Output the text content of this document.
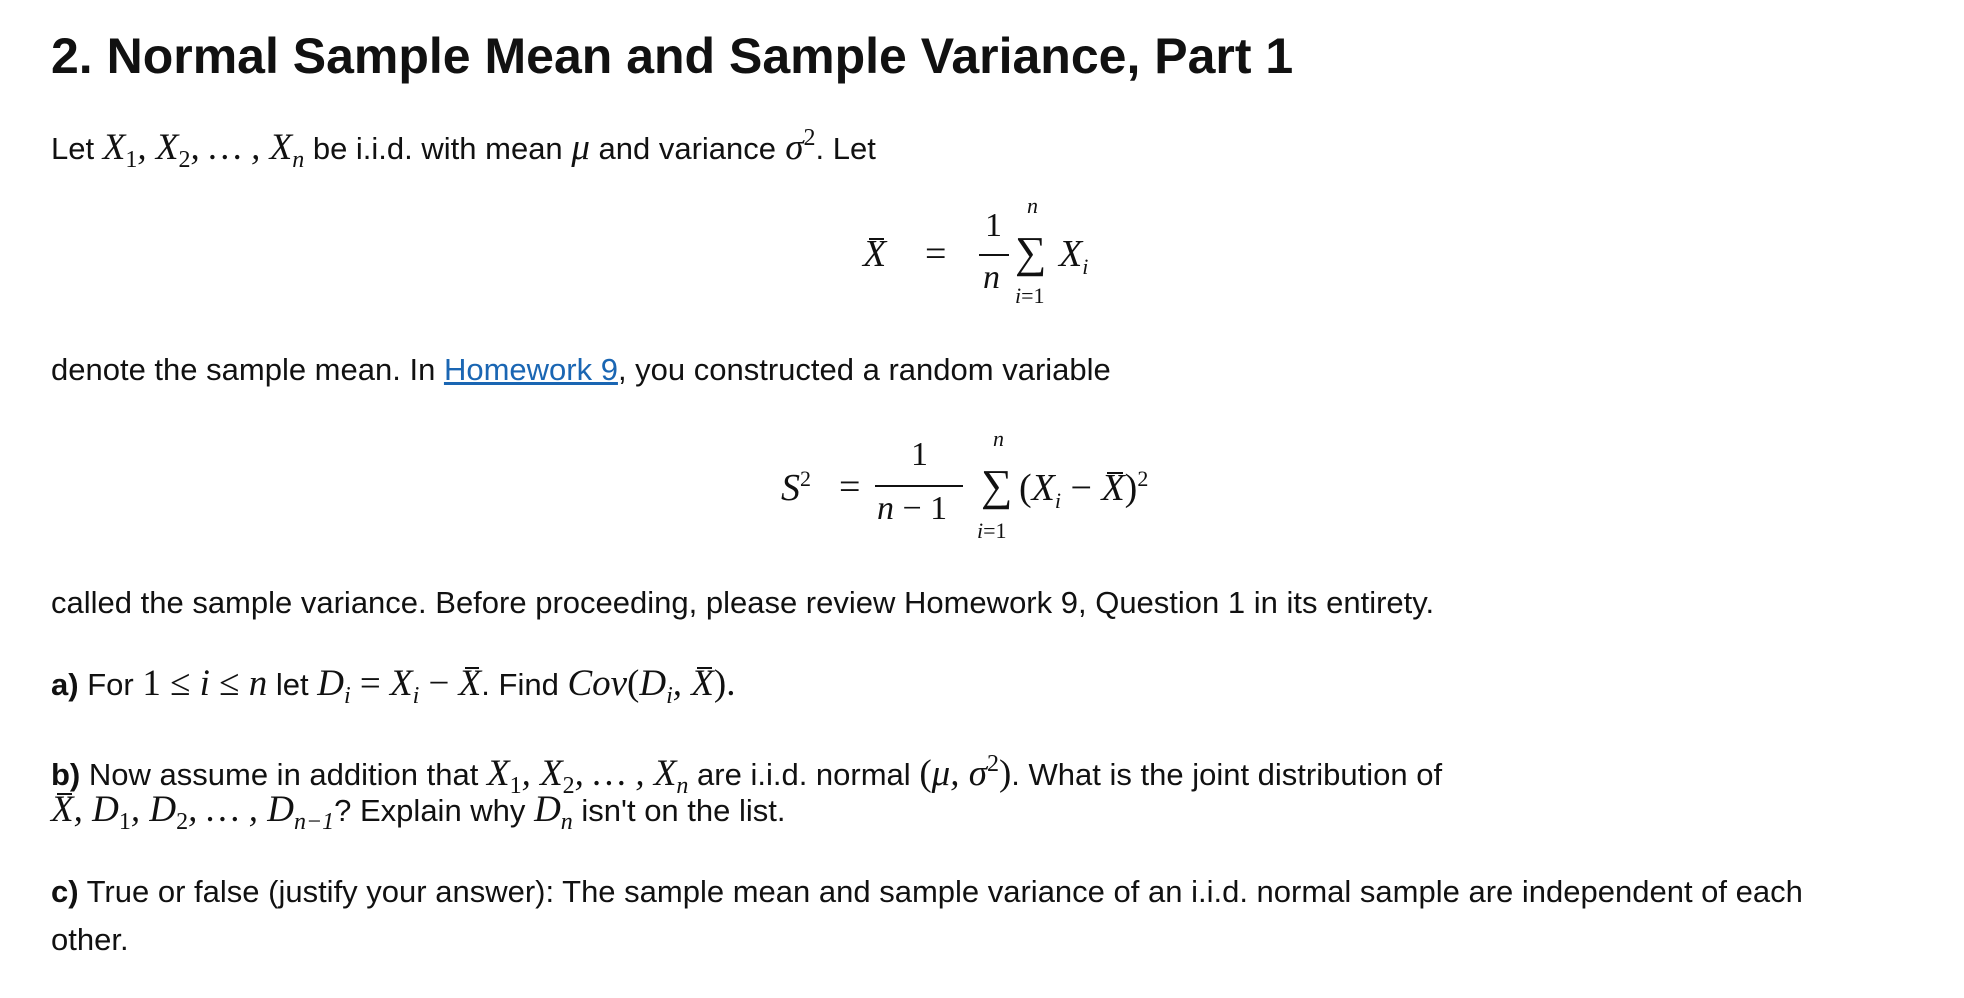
2. Normal Sample Mean and Sample Variance, Part 1
Let $X_1$, $X_2$, … , $X_n$ be i.i.d. with mean μ and variance $\sigma^2$. Let
X =
1
n
n
∑
i=1
$X_i$
denote the sample mean. In Homework 9, you constructed a random variable
$S^2$ =
1
n − 1
n
∑
i=1
$(X_i - X)^2$
called the sample variance. Before proceeding, please review Homework 9, Question 1 in its entirety.
a) For 1 ≤ i ≤ n let $D_i = X_i - X$. Find $Cov(D_i$, X).
b) Now assume in addition that $X_1$, $X_2$, … , $X_n$ are i.i.d. normal (μ, $\sigma^2$). What is the joint distribution of
X, $D_1$, $D_2$, … , $D_{n-1}$? Explain why $D_n$ isn't on the list.
c) True or false (justify your answer): The sample mean and sample variance of an i.i.d. normal sample are independent of each
other.
